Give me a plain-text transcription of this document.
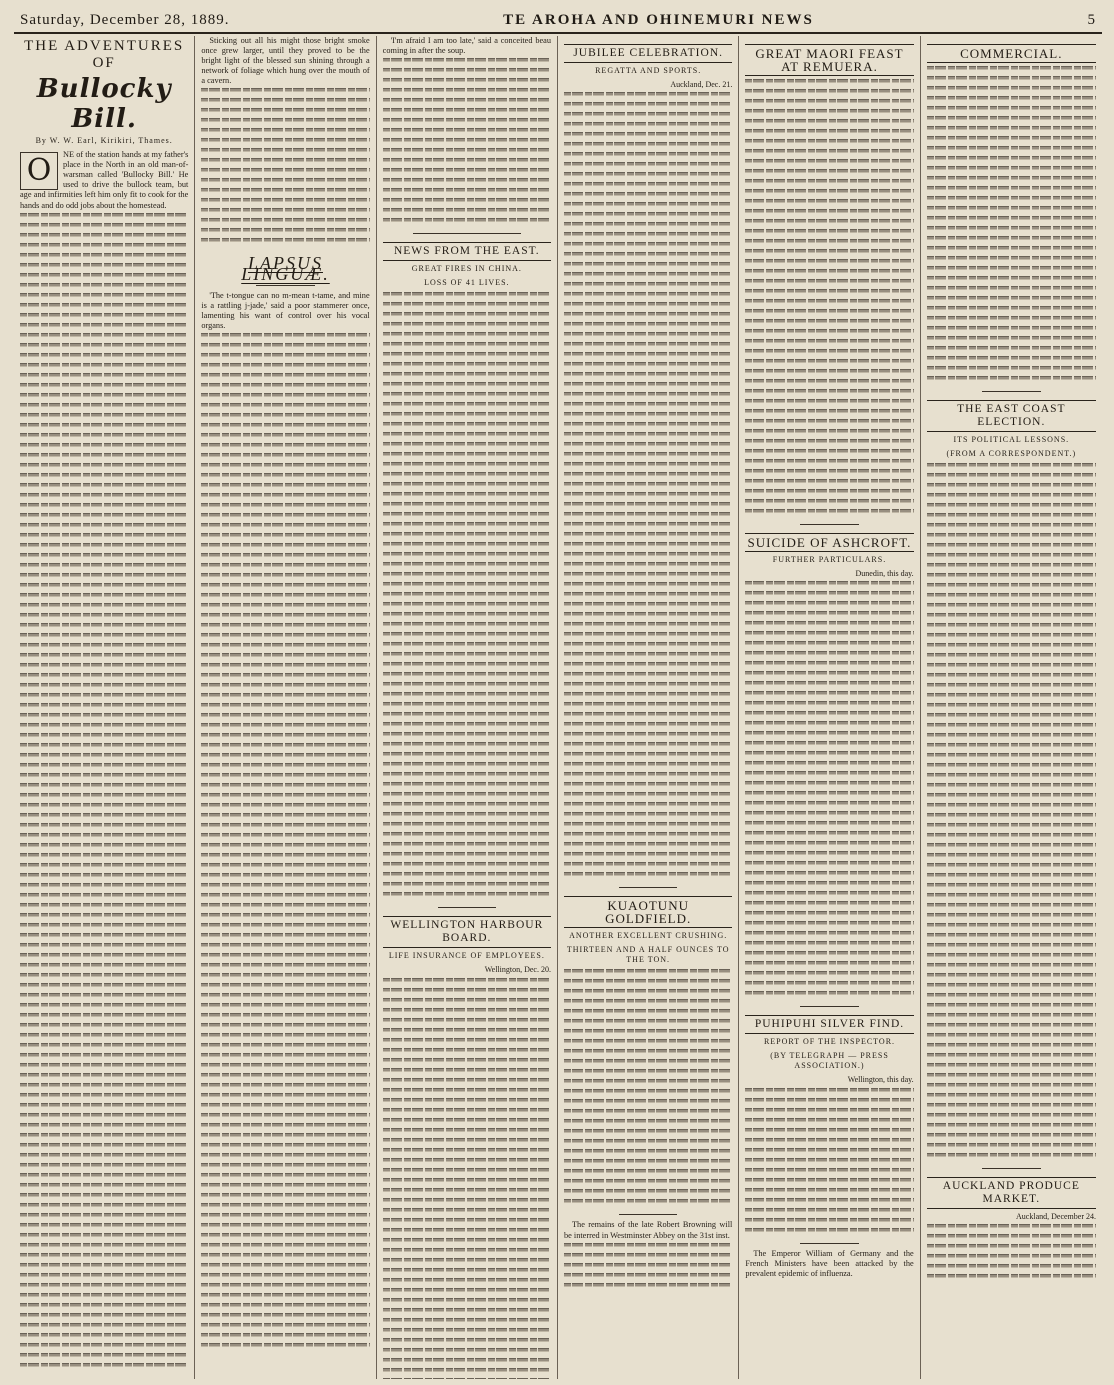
Saturday, December 28, 1889.	TE AROHA AND OHINEMURI NEWS	5
THE ADVENTURES OF
Bullocky Bill.
By W. W. Earl, Kirikiri, Thames.
O	NE of the station hands at my father's place in the North in an old man-of-warsman called 'Bullocky Bill.' He used to drive the bullock team, but age and infirmities left him only fit to cook for the hands and do odd jobs about the homestead.

Sticking out all his might those bright smoke once grew larger, until they proved to be the bright light of the blessed sun shining through a network of foliage which hung over the mouth of a cavern.

LAPSUS LINGUÆ.

'The t-tongue can no m-mean t-tame, and mine is a rattling j-jade,' said a poor stammerer once, lamenting his want of control over his vocal organs.

'I'm afraid I am too late,' said a conceited beau coming in after the soup.

NEWS FROM THE EAST.
GREAT FIRES IN CHINA.
LOSS OF 41 LIVES.
WELLINGTON HARBOUR BOARD.
LIFE INSURANCE OF EMPLOYEES.
Wellington, Dec. 20.
JUBILEE CELEBRATION.
REGATTA AND SPORTS.
Auckland, Dec. 21.
KUAOTUNU GOLDFIELD.
ANOTHER EXCELLENT CRUSHING.
THIRTEEN AND A HALF OUNCES TO THE TON.

The remains of the late Robert Browning will be interred in Westminster Abbey on the 31st inst.

GREAT MAORI FEAST AT REMUERA.
SUICIDE OF ASHCROFT.
FURTHER PARTICULARS.
Dunedin, this day.
PUHIPUHI SILVER FIND.
REPORT OF THE INSPECTOR.
(BY TELEGRAPH — PRESS ASSOCIATION.)
Wellington, this day.

The Emperor William of Germany and the French Ministers have been attacked by the prevalent epidemic of influenza.

COMMERCIAL.
THE EAST COAST ELECTION.
ITS POLITICAL LESSONS.
(FROM A CORRESPONDENT.)
AUCKLAND PRODUCE MARKET.
Auckland, December 24.
